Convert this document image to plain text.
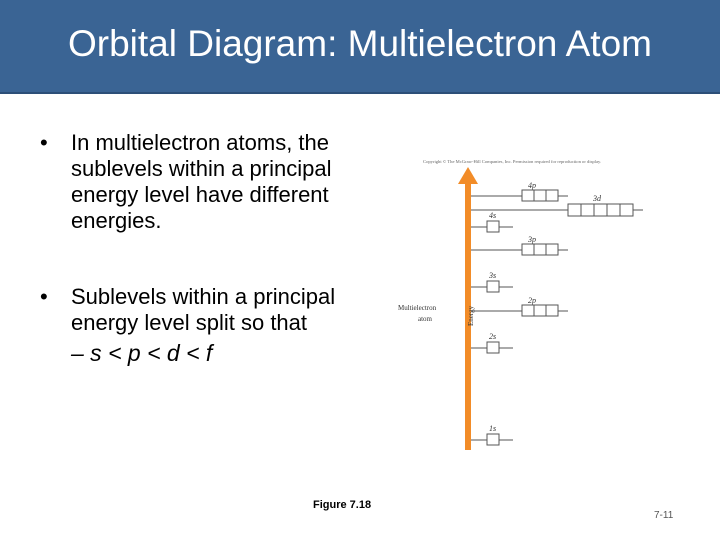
Orbital Diagram: Multielectron Atom
• In multielectron atoms, the sublevels within a principal energy level have different energies.
• Sublevels within a principal energy level split so that
– s < p < d < f
Copyright © The McGraw-Hill Companies, Inc. Permission required for reproduction or display.
Multielectron
atom	Energy
4p
3d
4s
3p
3s
2p
2s
1s
Figure 7.18
7-11
